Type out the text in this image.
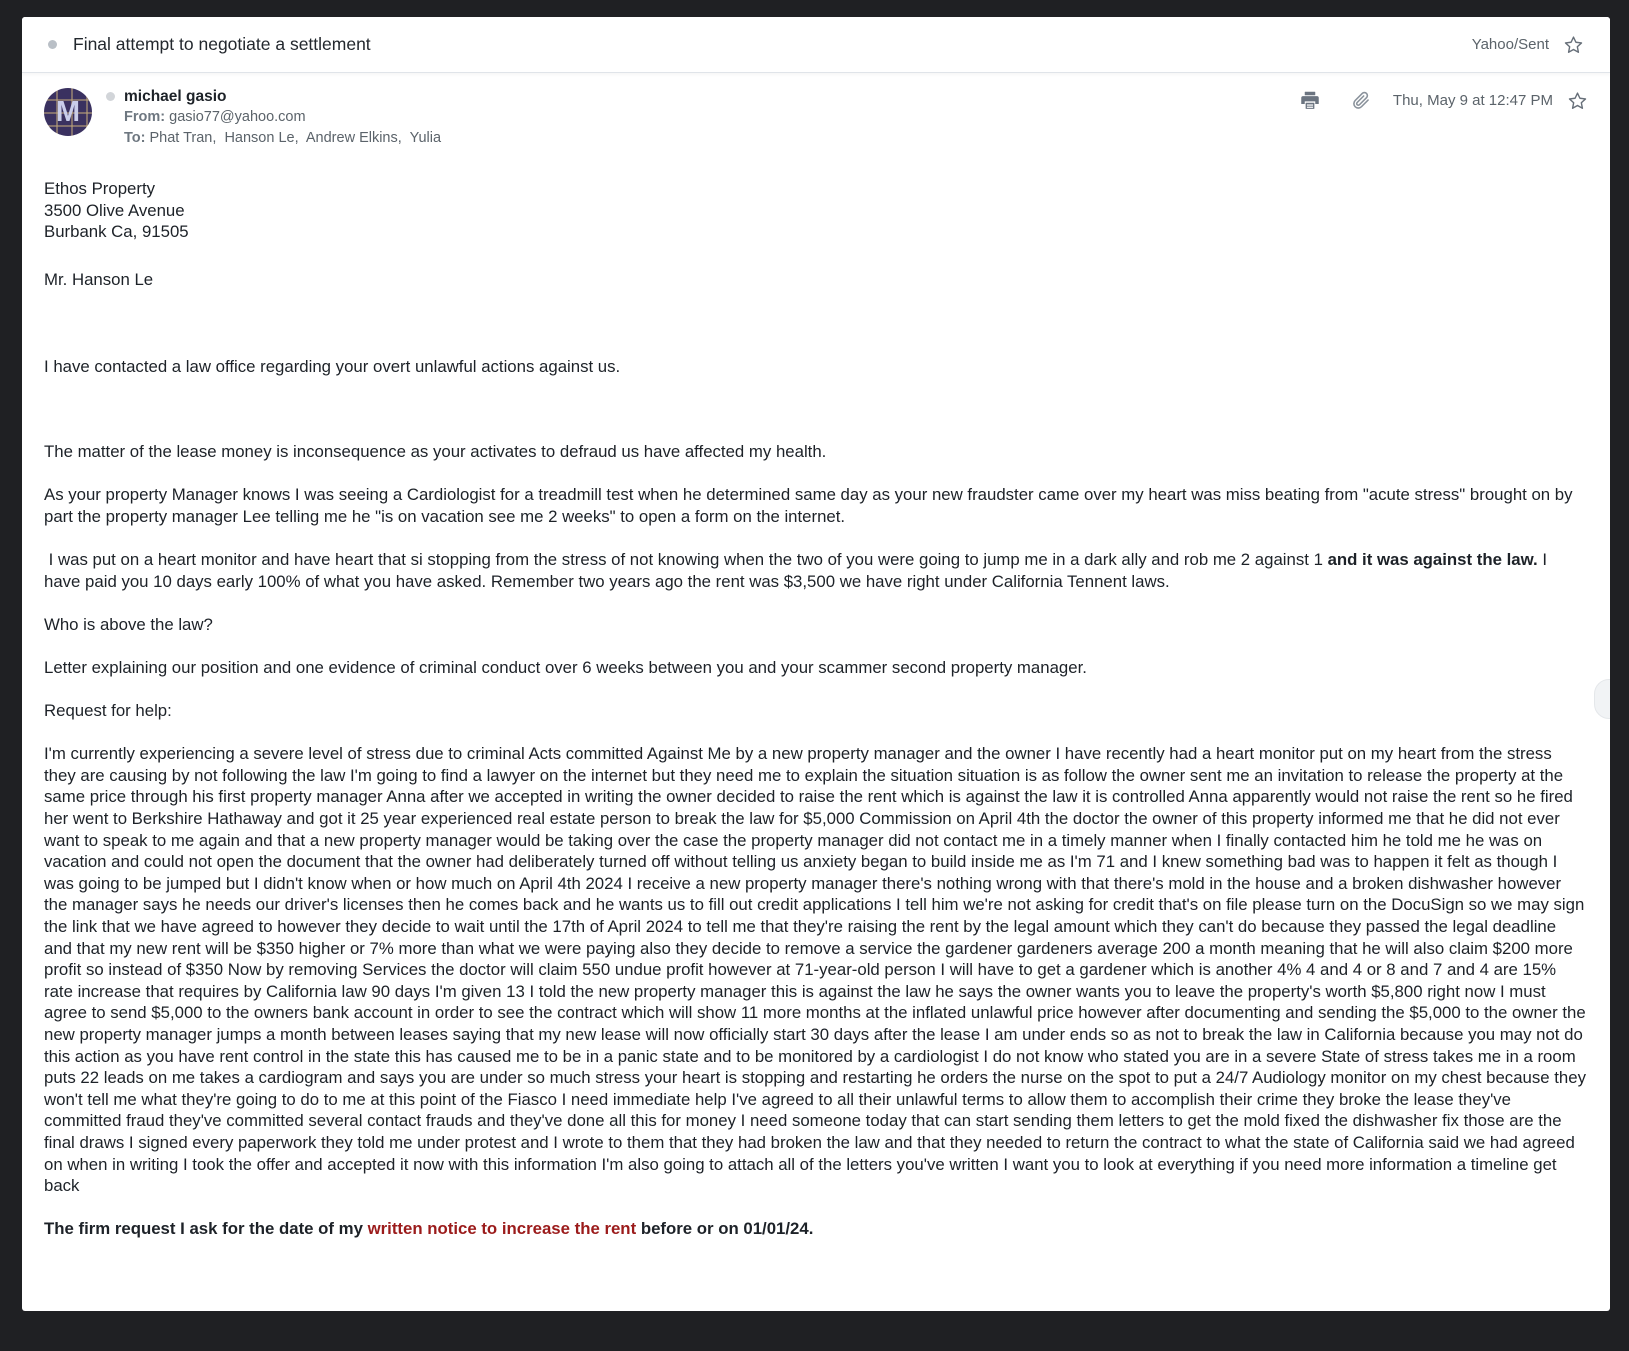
Final attempt to negotiate a settlement	Yahoo/Sent
M	michael gasio
From: gasio77@yahoo.com
To: Phat Tran,  Hanson Le,  Andrew Elkins,  Yulia
Thu, May 9 at 12:47 PM

Ethos Property

3500 Olive Avenue

Burbank Ca, 91505

Mr. Hanson Le

I have contacted a law office regarding your overt unlawful actions against us.

The matter of the lease money is inconsequence as your activates to defraud us have affected my health.

As your property Manager knows I was seeing a Cardiologist for a treadmill test when he determined same day as your new fraudster came over my heart was miss beating from "acute stress" brought on by part the property manager Lee telling me he "is on vacation see me 2 weeks" to open a form on the internet.

I was put on a heart monitor and have heart that si stopping from the stress of not knowing when the two of you were going to jump me in a dark ally and rob me 2 against 1 and it was against the law. I have paid you 10 days early 100% of what you have asked. Remember two years ago the rent was $3,500 we have right under California Tennent laws.

Who is above the law?

Letter explaining our position and one evidence of criminal conduct over 6 weeks between you and your scammer second property manager.

Request for help:

I'm currently experiencing a severe level of stress due to criminal Acts committed Against Me by a new property manager and the owner I have recently had a heart monitor put on my heart from the stress they are causing by not following the law I'm going to find a lawyer on the internet but they need me to explain the situation situation is as follow the owner sent me an invitation to release the property at the same price through his first property manager Anna after we accepted in writing the owner decided to raise the rent which is against the law it is controlled Anna apparently would not raise the rent so he fired her went to Berkshire Hathaway and got it 25 year experienced real estate person to break the law for $5,000 Commission on April 4th the doctor the owner of this property informed me that he did not ever want to speak to me again and that a new property manager would be taking over the case the property manager did not contact me in a timely manner when I finally contacted him he told me he was on vacation and could not open the document that the owner had deliberately turned off without telling us anxiety began to build inside me as I'm 71 and I knew something bad was to happen it felt as though I was going to be jumped but I didn't know when or how much on April 4th 2024 I receive a new property manager there's nothing wrong with that there's mold in the house and a broken dishwasher however the manager says he needs our driver's licenses then he comes back and he wants us to fill out credit applications I tell him we're not asking for credit that's on file please turn on the DocuSign so we may sign the link that we have agreed to however they decide to wait until the 17th of April 2024 to tell me that they're raising the rent by the legal amount which they can't do because they passed the legal deadline and that my new rent will be $350 higher or 7% more than what we were paying also they decide to remove a service the gardener gardeners average 200 a month meaning that he will also claim $200 more profit so instead of $350 Now by removing Services the doctor will claim 550 undue profit however at 71-year-old person I will have to get a gardener which is another 4% 4 and 4 or 8 and 7 and 4 are 15% rate increase that requires by California law 90 days I'm given 13 I told the new property manager this is against the law he says the owner wants you to leave the property's worth $5,800 right now I must agree to send $5,000 to the owners bank account in order to see the contract which will show 11 more months at the inflated unlawful price however after documenting and sending the $5,000 to the owner the new property manager jumps a month between leases saying that my new lease will now officially start 30 days after the lease I am under ends so as not to break the law in California because you may not do this action as you have rent control in the state this has caused me to be in a panic state and to be monitored by a cardiologist I do not know who stated you are in a severe State of stress takes me in a room puts 22 leads on me takes a cardiogram and says you are under so much stress your heart is stopping and restarting he orders the nurse on the spot to put a 24/7 Audiology monitor on my chest because they won't tell me what they're going to do to me at this point of the Fiasco I need immediate help I've agreed to all their unlawful terms to allow them to accomplish their crime they broke the lease they've committed fraud they've committed several contact frauds and they've done all this for money I need someone today that can start sending them letters to get the mold fixed the dishwasher fix those are the final draws I signed every paperwork they told me under protest and I wrote to them that they had broken the law and that they needed to return the contract to what the state of California said we had agreed on when in writing I took the offer and accepted it now with this information I'm also going to attach all of the letters you've written I want you to look at everything if you need more information a timeline get back

The firm request I ask for the date of my written notice to increase the rent before or on 01/01/24.
